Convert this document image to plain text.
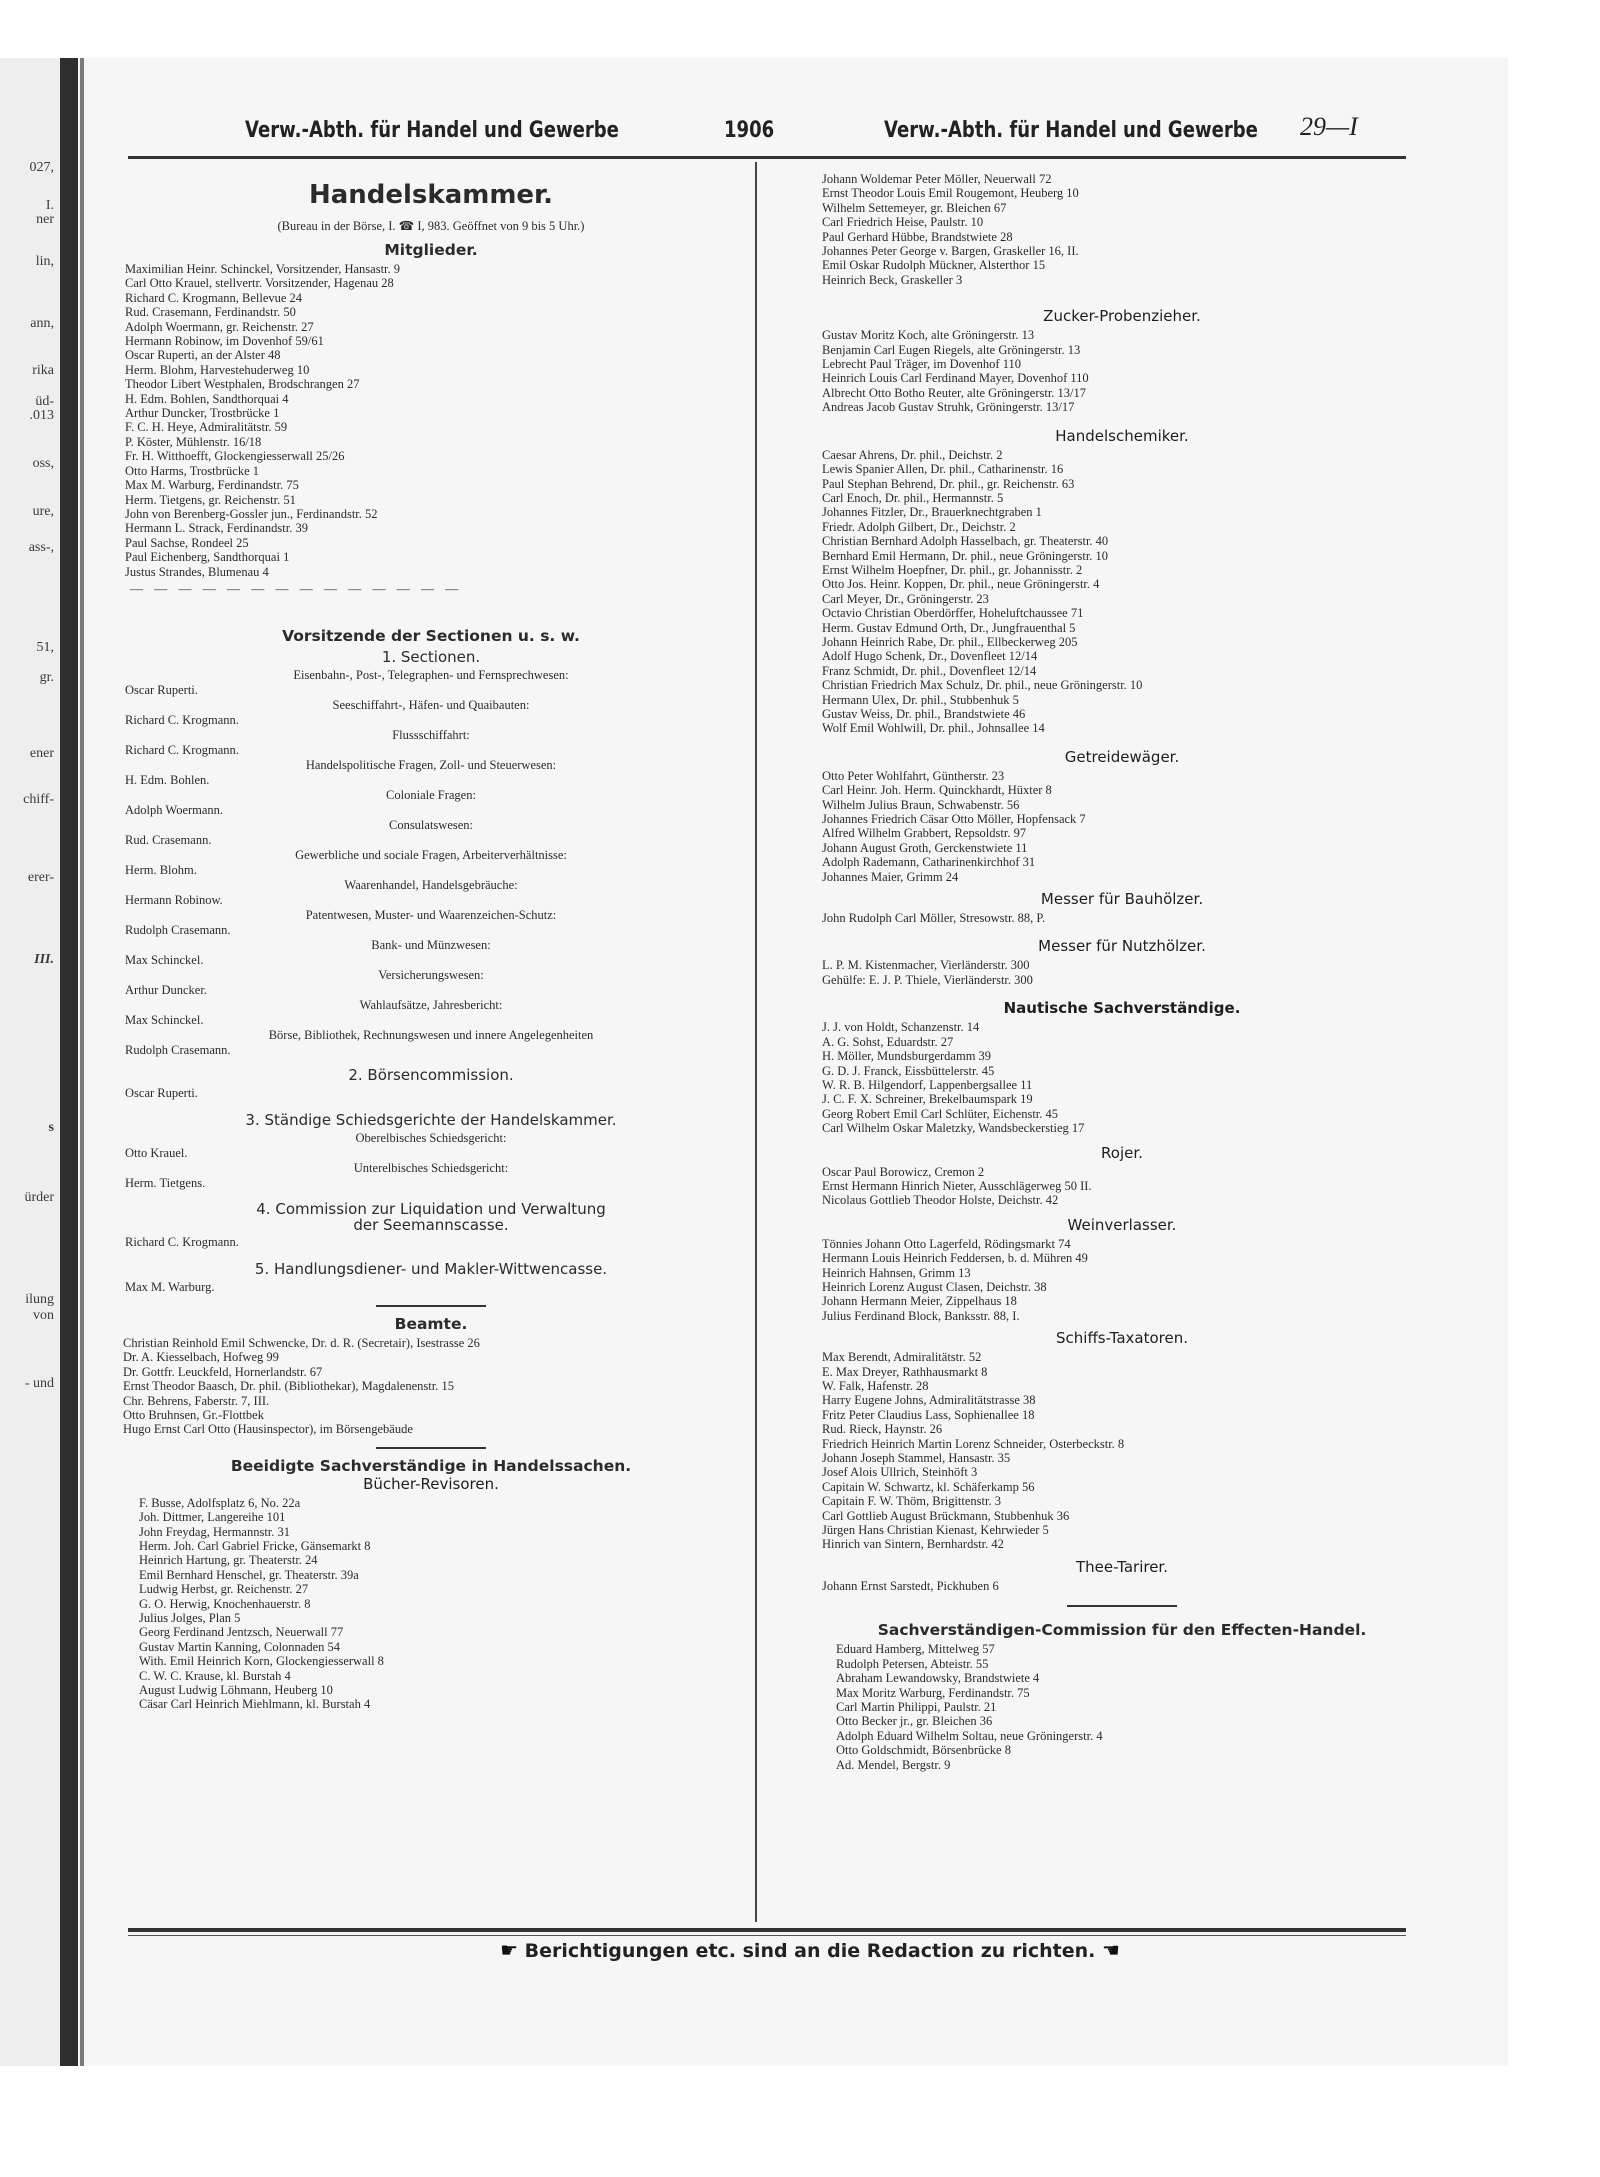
027,
I.
ner
lin,
ann,
rika
üd-
.013
oss,
ure,
ass-,
51,
gr.
ener
chiff-
erer-
III.
s
ürder
ilung
von
- und
Verw.-Abth. für Handel und Gewerbe	1906	Verw.-Abth. für Handel und Gewerbe 29—I
Handelskammer.
(Bureau in der Börse, I. ☎ I, 983. Geöffnet von 9 bis 5 Uhr.)
Mitglieder.
Maximilian Heinr. Schinckel, Vorsitzender, Hansastr. 9
Carl Otto Krauel, stellvertr. Vorsitzender, Hagenau 28
Richard C. Krogmann, Bellevue 24
Rud. Crasemann, Ferdinandstr. 50
Adolph Woermann, gr. Reichenstr. 27
Hermann Robinow, im Dovenhof 59/61
Oscar Ruperti, an der Alster 48
Herm. Blohm, Harvestehuderweg 10
Theodor Libert Westphalen, Brodschrangen 27
H. Edm. Bohlen, Sandthorquai 4
Arthur Duncker, Trostbrücke 1
F. C. H. Heye, Admiralitätstr. 59
P. Köster, Mühlenstr. 16/18
Fr. H. Witthoefft, Glockengiesserwall 25/26
Otto Harms, Trostbrücke 1
Max M. Warburg, Ferdinandstr. 75
Herm. Tietgens, gr. Reichenstr. 51
John von Berenberg-Gossler jun., Ferdinandstr. 52
Hermann L. Strack, Ferdinandstr. 39
Paul Sachse, Rondeel 25
Paul Eichenberg, Sandthorquai 1
Justus Strandes, Blumenau 4
— — — — — — — — — — — — — —
Vorsitzende der Sectionen u. s. w.
1. Sectionen.
Eisenbahn-, Post-, Telegraphen- und Fernsprechwesen:
Oscar Ruperti.
Seeschiffahrt-, Häfen- und Quaibauten:
Richard C. Krogmann.
Flussschiffahrt:
Richard C. Krogmann.
Handelspolitische Fragen, Zoll- und Steuerwesen:
H. Edm. Bohlen.
Coloniale Fragen:
Adolph Woermann.
Consulatswesen:
Rud. Crasemann.
Gewerbliche und sociale Fragen, Arbeiterverhältnisse:
Herm. Blohm.
Waarenhandel, Handelsgebräuche:
Hermann Robinow.
Patentwesen, Muster- und Waarenzeichen-Schutz:
Rudolph Crasemann.
Bank- und Münzwesen:
Max Schinckel.
Versicherungswesen:
Arthur Duncker.
Wahlaufsätze, Jahresbericht:
Max Schinckel.
Börse, Bibliothek, Rechnungswesen und innere Angelegenheiten
Rudolph Crasemann.
2. Börsencommission.
Oscar Ruperti.
3. Ständige Schiedsgerichte der Handelskammer.
Oberelbisches Schiedsgericht:
Otto Krauel.
Unterelbisches Schiedsgericht:
Herm. Tietgens.
4. Commission zur Liquidation und Verwaltung
der Seemannscasse.
Richard C. Krogmann.
5. Handlungsdiener- und Makler-Wittwencasse.
Max M. Warburg.
Beamte.
Christian Reinhold Emil Schwencke, Dr. d. R. (Secretair), Isestrasse 26
Dr. A. Kiesselbach, Hofweg 99
Dr. Gottfr. Leuckfeld, Hornerlandstr. 67
Ernst Theodor Baasch, Dr. phil. (Bibliothekar), Magdalenenstr. 15
Chr. Behrens, Faberstr. 7, III.
Otto Bruhnsen, Gr.-Flottbek
Hugo Ernst Carl Otto (Hausinspector), im Börsengebäude
Beeidigte Sachverständige in Handelssachen.
Bücher-Revisoren.
F. Busse, Adolfsplatz 6, No. 22a
Joh. Dittmer, Langereihe 101
John Freydag, Hermannstr. 31
Herm. Joh. Carl Gabriel Fricke, Gänsemarkt 8
Heinrich Hartung, gr. Theaterstr. 24
Emil Bernhard Henschel, gr. Theaterstr. 39a
Ludwig Herbst, gr. Reichenstr. 27
G. O. Herwig, Knochenhauerstr. 8
Julius Jolges, Plan 5
Georg Ferdinand Jentzsch, Neuerwall 77
Gustav Martin Kanning, Colonnaden 54
With. Emil Heinrich Korn, Glockengiesserwall 8
C. W. C. Krause, kl. Burstah 4
August Ludwig Löhmann, Heuberg 10
Cäsar Carl Heinrich Miehlmann, kl. Burstah 4
Johann Woldemar Peter Möller, Neuerwall 72
Ernst Theodor Louis Emil Rougemont, Heuberg 10
Wilhelm Settemeyer, gr. Bleichen 67
Carl Friedrich Heise, Paulstr. 10
Paul Gerhard Hübbe, Brandstwiete 28
Johannes Peter George v. Bargen, Graskeller 16, II.
Emil Oskar Rudolph Mückner, Alsterthor 15
Heinrich Beck, Graskeller 3
Zucker-Probenzieher.
Gustav Moritz Koch, alte Gröningerstr. 13
Benjamin Carl Eugen Riegels, alte Gröningerstr. 13
Lebrecht Paul Träger, im Dovenhof 110
Heinrich Louis Carl Ferdinand Mayer, Dovenhof 110
Albrecht Otto Botho Reuter, alte Gröningerstr. 13/17
Andreas Jacob Gustav Struhk, Gröningerstr. 13/17
Handelschemiker.
Caesar Ahrens, Dr. phil., Deichstr. 2
Lewis Spanier Allen, Dr. phil., Catharinenstr. 16
Paul Stephan Behrend, Dr. phil., gr. Reichenstr. 63
Carl Enoch, Dr. phil., Hermannstr. 5
Johannes Fitzler, Dr., Brauerknechtgraben 1
Friedr. Adolph Gilbert, Dr., Deichstr. 2
Christian Bernhard Adolph Hasselbach, gr. Theaterstr. 40
Bernhard Emil Hermann, Dr. phil., neue Gröningerstr. 10
Ernst Wilhelm Hoepfner, Dr. phil., gr. Johannisstr. 2
Otto Jos. Heinr. Koppen, Dr. phil., neue Gröningerstr. 4
Carl Meyer, Dr., Gröningerstr. 23
Octavio Christian Oberdörffer, Hoheluftchaussee 71
Herm. Gustav Edmund Orth, Dr., Jungfrauenthal 5
Johann Heinrich Rabe, Dr. phil., Ellbeckerweg 205
Adolf Hugo Schenk, Dr., Dovenfleet 12/14
Franz Schmidt, Dr. phil., Dovenfleet 12/14
Christian Friedrich Max Schulz, Dr. phil., neue Gröningerstr. 10
Hermann Ulex, Dr. phil., Stubbenhuk 5
Gustav Weiss, Dr. phil., Brandstwiete 46
Wolf Emil Wohlwill, Dr. phil., Johnsallee 14
Getreidewäger.
Otto Peter Wohlfahrt, Güntherstr. 23
Carl Heinr. Joh. Herm. Quinckhardt, Hüxter 8
Wilhelm Julius Braun, Schwabenstr. 56
Johannes Friedrich Cäsar Otto Möller, Hopfensack 7
Alfred Wilhelm Grabbert, Repsoldstr. 97
Johann August Groth, Gerckenstwiete 11
Adolph Rademann, Catharinenkirchhof 31
Johannes Maier, Grimm 24
Messer für Bauhölzer.
John Rudolph Carl Möller, Stresowstr. 88, P.
Messer für Nutzhölzer.
L. P. M. Kistenmacher, Vierländerstr. 300
Gehülfe: E. J. P. Thiele, Vierländerstr. 300
Nautische Sachverständige.
J. J. von Holdt, Schanzenstr. 14
A. G. Sohst, Eduardstr. 27
H. Möller, Mundsburgerdamm 39
G. D. J. Franck, Eissbüttelerstr. 45
W. R. B. Hilgendorf, Lappenbergsallee 11
J. C. F. X. Schreiner, Brekelbaumspark 19
Georg Robert Emil Carl Schlüter, Eichenstr. 45
Carl Wilhelm Oskar Maletzky, Wandsbeckerstieg 17
Rojer.
Oscar Paul Borowicz, Cremon 2
Ernst Hermann Hinrich Nieter, Ausschlägerweg 50 II.
Nicolaus Gottlieb Theodor Holste, Deichstr. 42
Weinverlasser.
Tönnies Johann Otto Lagerfeld, Rödingsmarkt 74
Hermann Louis Heinrich Feddersen, b. d. Mühren 49
Heinrich Hahnsen, Grimm 13
Heinrich Lorenz August Clasen, Deichstr. 38
Johann Hermann Meier, Zippelhaus 18
Julius Ferdinand Block, Banksstr. 88, I.
Schiffs-Taxatoren.
Max Berendt, Admiralitätstr. 52
E. Max Dreyer, Rathhausmarkt 8
W. Falk, Hafenstr. 28
Harry Eugene Johns, Admiralitätstrasse 38
Fritz Peter Claudius Lass, Sophienallee 18
Rud. Rieck, Haynstr. 26
Friedrich Heinrich Martin Lorenz Schneider, Osterbeckstr. 8
Johann Joseph Stammel, Hansastr. 35
Josef Alois Ullrich, Steinhöft 3
Capitain W. Schwartz, kl. Schäferkamp 56
Capitain F. W. Thöm, Brigittenstr. 3
Carl Gottlieb August Brückmann, Stubbenhuk 36
Jürgen Hans Christian Kienast, Kehrwieder 5
Hinrich van Sintern, Bernhardstr. 42
Thee-Tarirer.
Johann Ernst Sarstedt, Pickhuben 6
Sachverständigen-Commission für den Effecten-Handel.
Eduard Hamberg, Mittelweg 57
Rudolph Petersen, Abteistr. 55
Abraham Lewandowsky, Brandstwiete 4
Max Moritz Warburg, Ferdinandstr. 75
Carl Martin Philippi, Paulstr. 21
Otto Becker jr., gr. Bleichen 36
Adolph Eduard Wilhelm Soltau, neue Gröningerstr. 4
Otto Goldschmidt, Börsenbrücke 8
Ad. Mendel, Bergstr. 9
☛ Berichtigungen etc. sind an die Redaction zu richten. ☚
